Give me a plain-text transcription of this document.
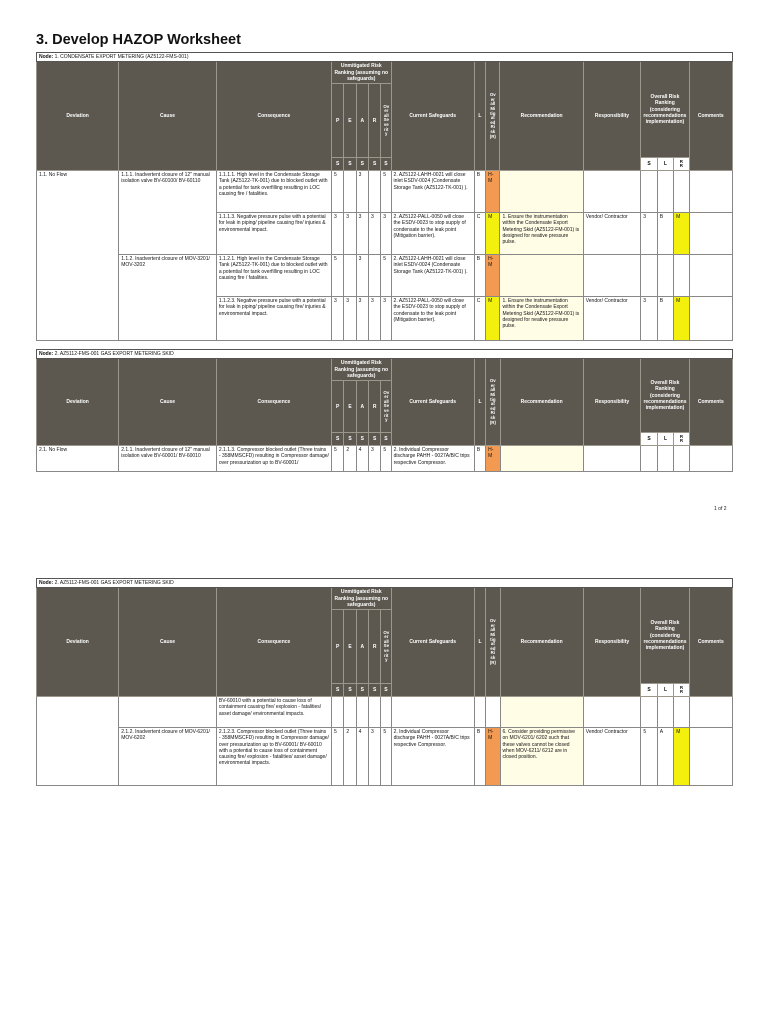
3. Develop HAZOP Worksheet
Node: 1. CONDENSATE EXPORT METERING (AZ5122-FMS-001)																
Deviation	Cause	Consequence	Unmitigated Risk Ranking (assuming no safeguards)					Current Safeguards	L	Overall Mitigated Risk (R)	Recommendation	Responsibility	Overall Risk Ranking (considering recommendations implementation)			Comments
			P	E	A	R	Overall Severity									

			S	S	S	S	S						S	L	RR	

1.1. No Flow	1.1.1. Inadvertent closure of 12" manual isolation valve BV-60100/ BV-60110	1.1.1.1. High level in the Condensate Storage Tank (AZ5122-TK-001) due to blocked outlet with a potential for tank overfilling resulting in LOC causing fire / fatalities.	5		3		5	2. AZ5122-LAHH-0021 will close inlet ESDV-0024 (Condensate Storage Tank (AZ5122-TK-001) ).	B	H-M						
		1.1.1.3. Negative pressure pulse with a potential for leak in piping/ pipeline causing fire/ injuries & environmental impact.	3	3	3	3	3	2. AZ5122-PALL-0050 will close the ESDV-0023 to stop supply of condensate to the leak point (Mitigation barrier).	C	M	1. Ensure the instrumentation within the Condensate Export Metering Skid (AZ5122-FM-001) is designed for neative pressure pulse.	Vendor/ Contractor	3	B	M	
	1.1.2. Inadvertent closure of MOV-3201/ MOV-3202	1.1.2.1. High level in the Condensate Storage Tank (AZ5122-TK-001) due to blocked outlet with a potential for tank overfilling resulting in LOC causing fire / fatalities.	5		3		5	2. AZ5122-LAHH-0021 will close inlet ESDV-0024 (Condensate Storage Tank (AZ5122-TK-001) ).	B	H-M						
		1.1.2.3. Negative pressure pulse with a potential for leak in piping/ pipeline causing fire/ injuries & environmental impact.	3	3	3	3	3	2. AZ5122-PALL-0050 will close the ESDV-0023 to stop supply of condensate to the leak point (Mitigation barrier).	C	M	1. Ensure the instrumentation within the Condensate Export Metering Skid (AZ5122-FM-001) is designed for neative pressure pulse.	Vendor/ Contractor	3	B	M	
Node: 2. AZ5112-FMS-001 GAS EXPORT METERING SKID																
Deviation	Cause	Consequence	Unmitigated Risk Ranking (assuming no safeguards)					Current Safeguards	L	Overall Mitigated Risk (R)	Recommendation	Responsibility	Overall Risk Ranking (considering recommendations implementation)			Comments
			P	E	A	R	Overall Severity									

			S	S	S	S	S						S	L	RR	

2.1. No Flow	2.1.1. Inadvertent closure of 12" manual isolation valve BV-60001/ BV-60010	2.1.1.3. Compressor blocked outlet (Three trains - 358MMSCFD) resulting in Compressor damage/ over pressurization up to BV-60001/	5	2	4	3	5	2. Individual Compressor discharge PAHH - 0027A/B/C trips respective Compressor.	B	H-M						
1 of 2
Node: 2. AZ5112-FMS-001 GAS EXPORT METERING SKID																
Deviation	Cause	Consequence	Unmitigated Risk Ranking (assuming no safeguards)					Current Safeguards	L	Overall Mitigated Risk (R)	Recommendation	Responsibility	Overall Risk Ranking (considering recommendations implementation)			Comments
			P	E	A	R	Overall Severity									

			S	S	S	S	S						S	L	RR	

		BV-60010 with a potential to cause loss of containment causing fire/ explosion - fatalities/ asset damage/ environmental impacts.														
	2.1.2. Inadvertent closure of MOV-6201/ MOV-6202	2.1.2.3. Compressor blocked outlet (Three trains - 358MMSCFD) resulting in Compressor damage/ over pressurization up to BV-60001/ BV-60010 with a potential to cause loss of containment causing fire/ explosion - fatalities/ asset damage/ environmental impacts.	5	2	4	3	5	2. Individual Compressor discharge PAHH - 0027A/B/C trips respective Compressor.	B	H-M	6. Consider providing permissive on MOV-6201/ 6202 such that these valves cannot be closed when MOV-6211/ 6212 are in closed position.	Vendor/ Contractor	5	A	M	
